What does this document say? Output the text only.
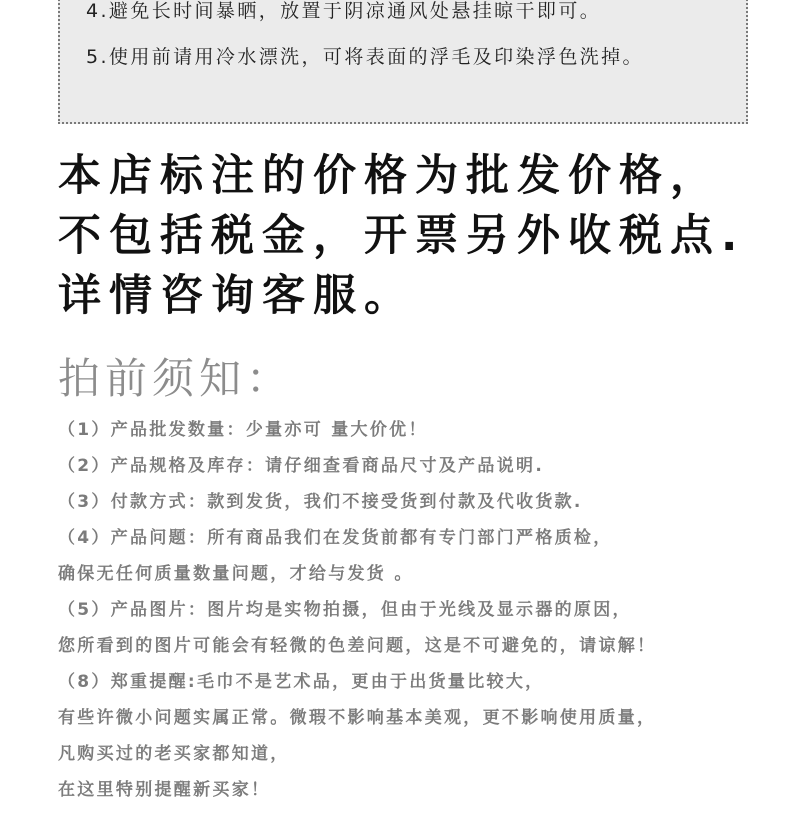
4.避免长时间暴晒，放置于阴凉通风处悬挂晾干即可。

5.使用前请用冷水漂洗，可将表面的浮毛及印染浮色洗掉。

本店标注的价格为批发价格，
不包括税金，开票另外收税点.
详情咨询客服。
拍前须知：
（1）产品批发数量：少量亦可 量大价优！
（2）产品规格及库存：请仔细查看商品尺寸及产品说明.
（3）付款方式：款到发货，我们不接受货到付款及代收货款.
（4）产品问题：所有商品我们在发货前都有专门部门严格质检，
确保无任何质量数量问题，才给与发货 。
（5）产品图片：图片均是实物拍摄，但由于光线及显示器的原因，
您所看到的图片可能会有轻微的色差问题，这是不可避免的，请谅解！
（8）郑重提醒:毛巾不是艺术品，更由于出货量比较大，
有些许微小问题实属正常。微瑕不影响基本美观，更不影响使用质量，
凡购买过的老买家都知道，
在这里特别提醒新买家！
